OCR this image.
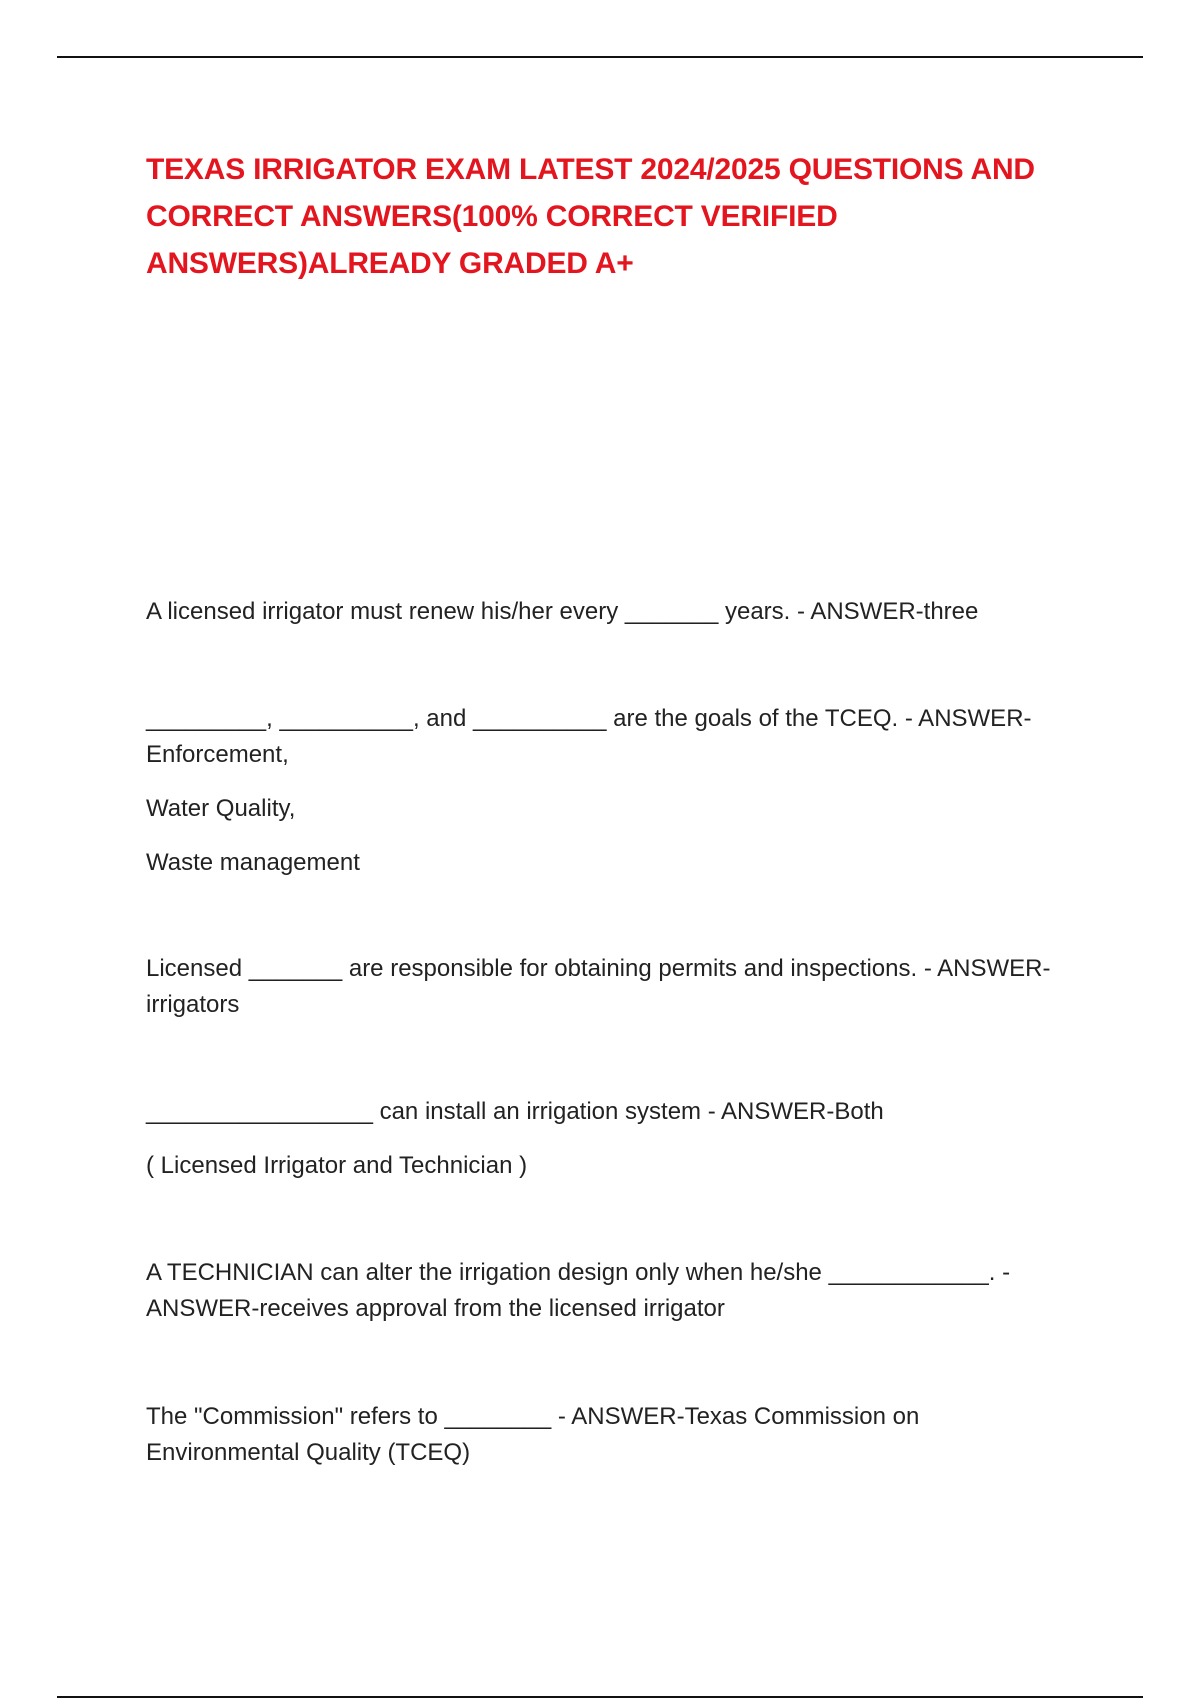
TEXAS IRRIGATOR EXAM LATEST 2024/2025 QUESTIONS AND CORRECT ANSWERS(100% CORRECT VERIFIED ANSWERS)ALREADY GRADED A+

A licensed irrigator must renew his/her every _______ years. - ANSWER-three

_________, __________, and __________ are the goals of the TCEQ. - ANSWER-Enforcement,

Water Quality,

Waste management

Licensed _______ are responsible for obtaining permits and inspections. - ANSWER-irrigators

_________________ can install an irrigation system - ANSWER-Both

( Licensed Irrigator and Technician )

A TECHNICIAN can alter the irrigation design only when he/she ____________. - ANSWER-receives approval from the licensed irrigator

The "Commission" refers to ________ - ANSWER-Texas Commission on Environmental Quality (TCEQ)
